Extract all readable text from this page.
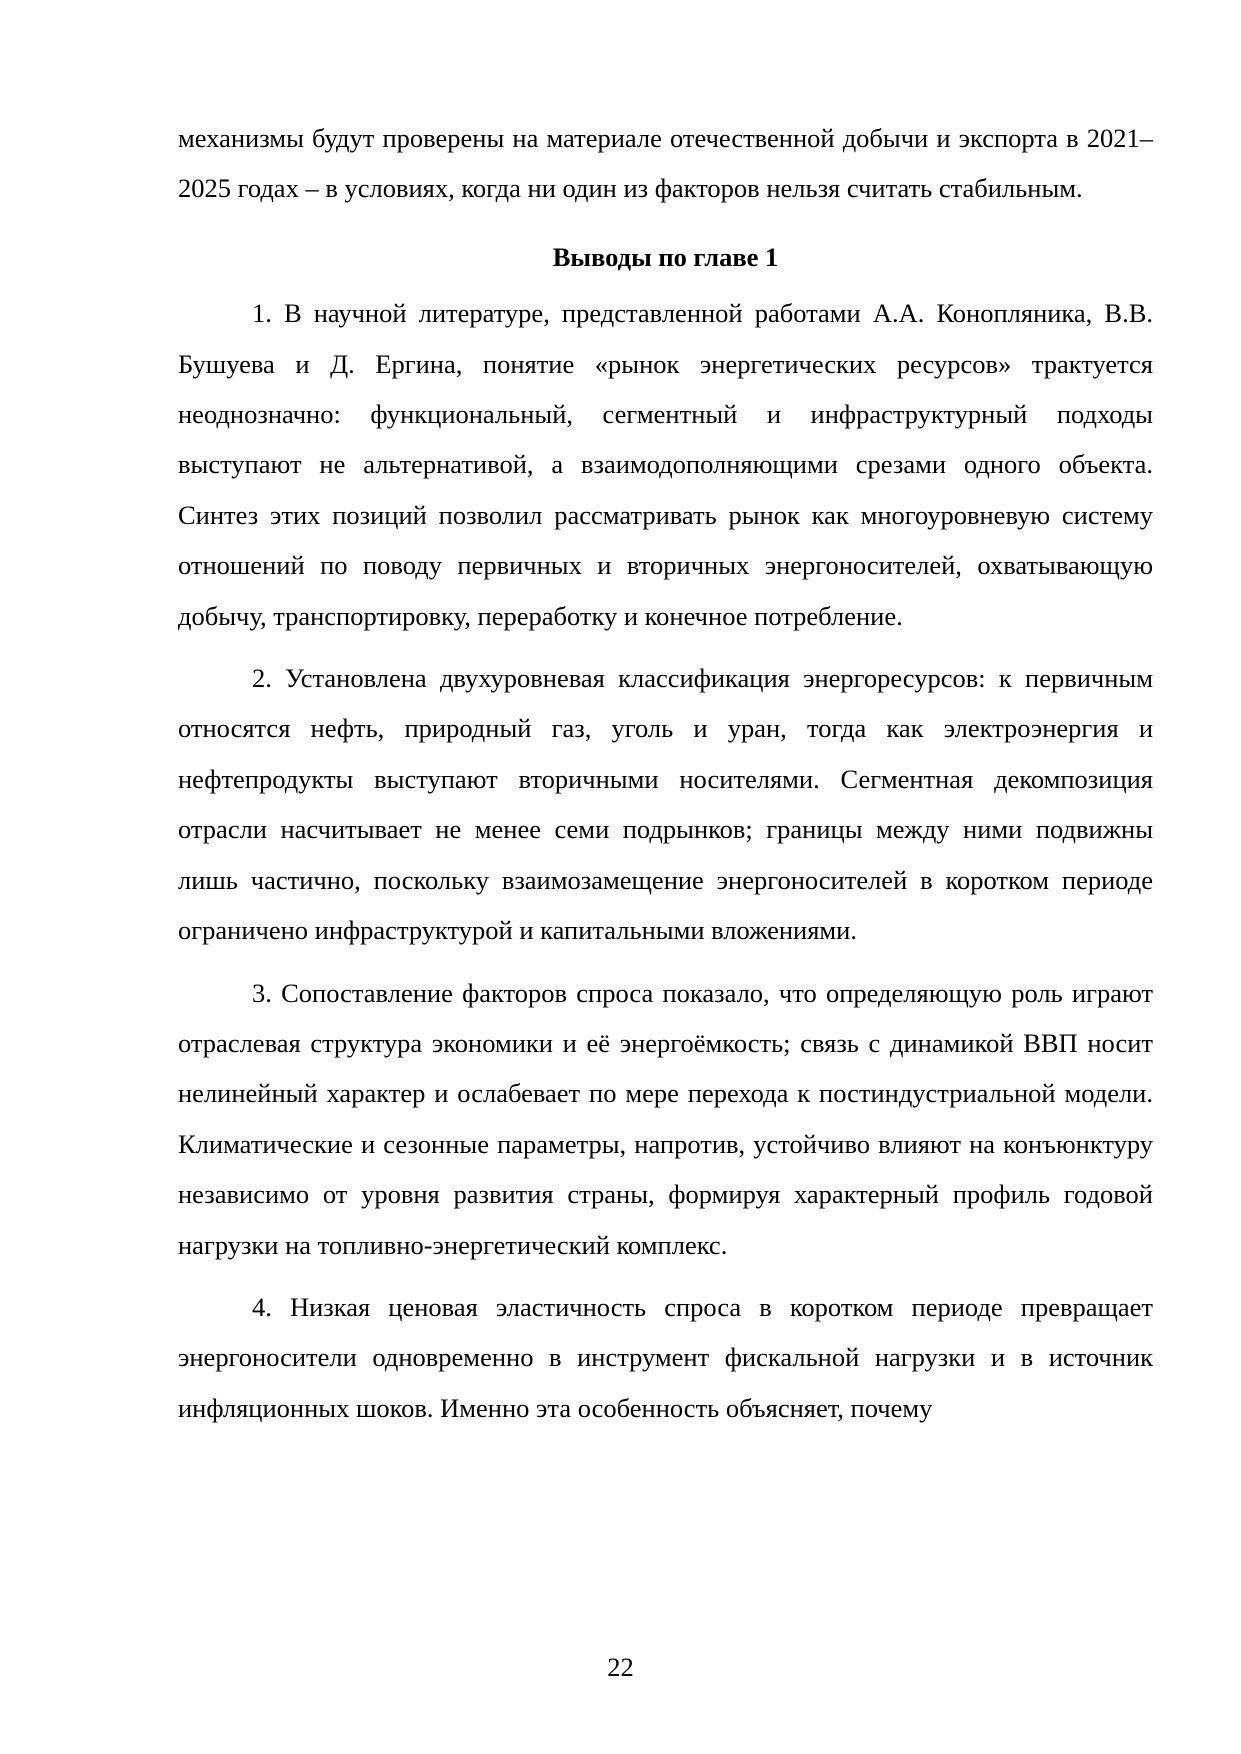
механизмы будут проверены на материале отечественной добычи и экспорта в 2021–2025 годах – в условиях, когда ни один из факторов нельзя считать стабильным.

Выводы по главе 1

1. В научной литературе, представленной работами А.А. Конопляника, В.В. Бушуева и Д. Ергина, понятие «рынок энергетических ресурсов» трактуется неоднозначно: функциональный, сегментный и инфраструктурный подходы выступают не альтернативой, а взаимодополняющими срезами одного объекта. Синтез этих позиций позволил рассматривать рынок как многоуровневую систему отношений по поводу первичных и вторичных энергоносителей, охватывающую добычу, транспортировку, переработку и конечное потребление.

2. Установлена двухуровневая классификация энергоресурсов: к первичным относятся нефть, природный газ, уголь и уран, тогда как электроэнергия и нефтепродукты выступают вторичными носителями. Сегментная декомпозиция отрасли насчитывает не менее семи подрынков; границы между ними подвижны лишь частично, поскольку взаимозамещение энергоносителей в коротком периоде ограничено инфраструктурой и капитальными вложениями.

3. Сопоставление факторов спроса показало, что определяющую роль играют отраслевая структура экономики и её энергоёмкость; связь с динамикой ВВП носит нелинейный характер и ослабевает по мере перехода к постиндустриальной модели. Климатические и сезонные параметры, напротив, устойчиво влияют на конъюнктуру независимо от уровня развития страны, формируя характерный профиль годовой нагрузки на топливно-энергетический комплекс.

4. Низкая ценовая эластичность спроса в коротком периоде превращает энергоносители одновременно в инструмент фискальной нагрузки и в источник инфляционных шоков. Именно эта особенность объясняет, почему

22
